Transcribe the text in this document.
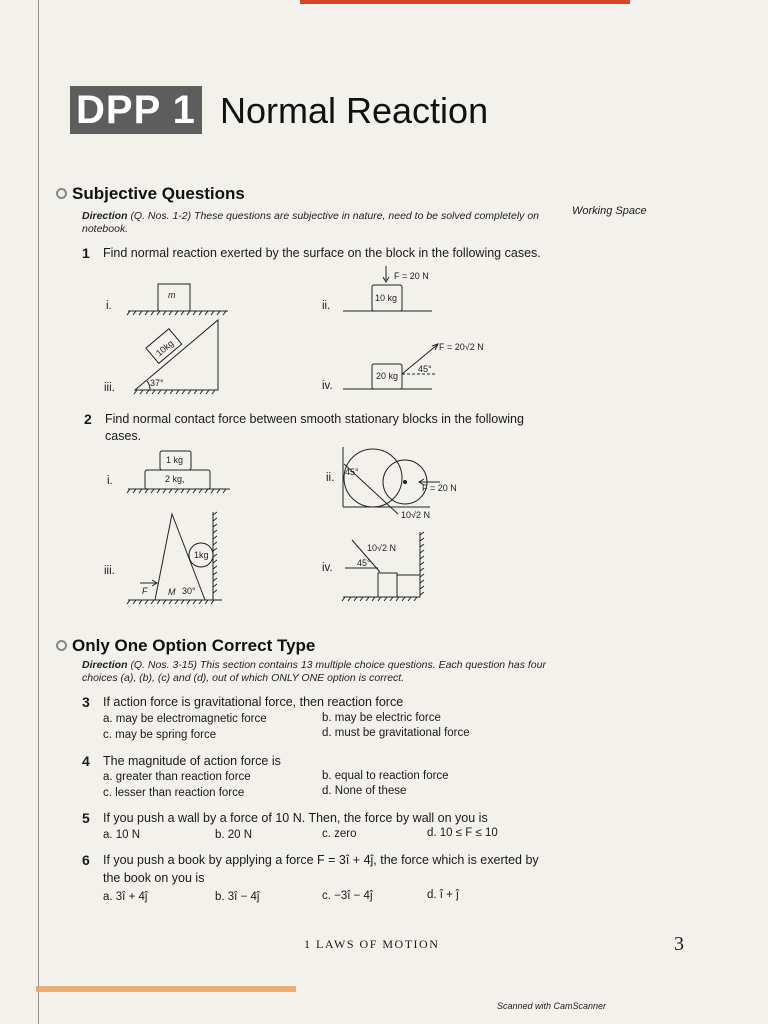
DPP 1 Normal Reaction
Subjective Questions
Direction (Q. Nos. 1-2) These questions are subjective in nature, need to be solved completely on notebook.
Working Space
1 Find normal reaction exerted by the surface on the block in the following cases.
i.	ii.
iii.	iv.
m
F = 20 N
10 kg
10kg
37°
F = 20√2 N
45°
20 kg
2 Find normal contact force between smooth stationary blocks in the following
cases.
i.	ii.
iii.	iv.
1 kg
2 kg,
45°
F = 20 N
10√2 N
1kg
F M 30°
10√2 N
45°
Only One Option Correct Type
Direction (Q. Nos. 3-15) This section contains 13 multiple choice questions. Each question has four
choices (a), (b), (c) and (d), out of which ONLY ONE option is correct.
3 If action force is gravitational force, then reaction force
a. may be electromagnetic force	b. may be electric force
c. may be spring force	d. must be gravitational force
4 The magnitude of action force is
a. greater than reaction force	b. equal to reaction force
c. lesser than reaction force	d. None of these
5 If you push a wall by a force of 10 N. Then, the force by wall on you is
a. 10 N	b. 20 N	c. zero	d. 10 ≤ F ≤ 10
6 If you push a book by applying a force F = 3î + 4ĵ, the force which is exerted by
the book on you is
a. 3î + 4ĵ	b. 3î − 4ĵ	c. −3î − 4ĵ	d. î + ĵ
1 LAWS OF MOTION	3
Scanned with CamScanner
